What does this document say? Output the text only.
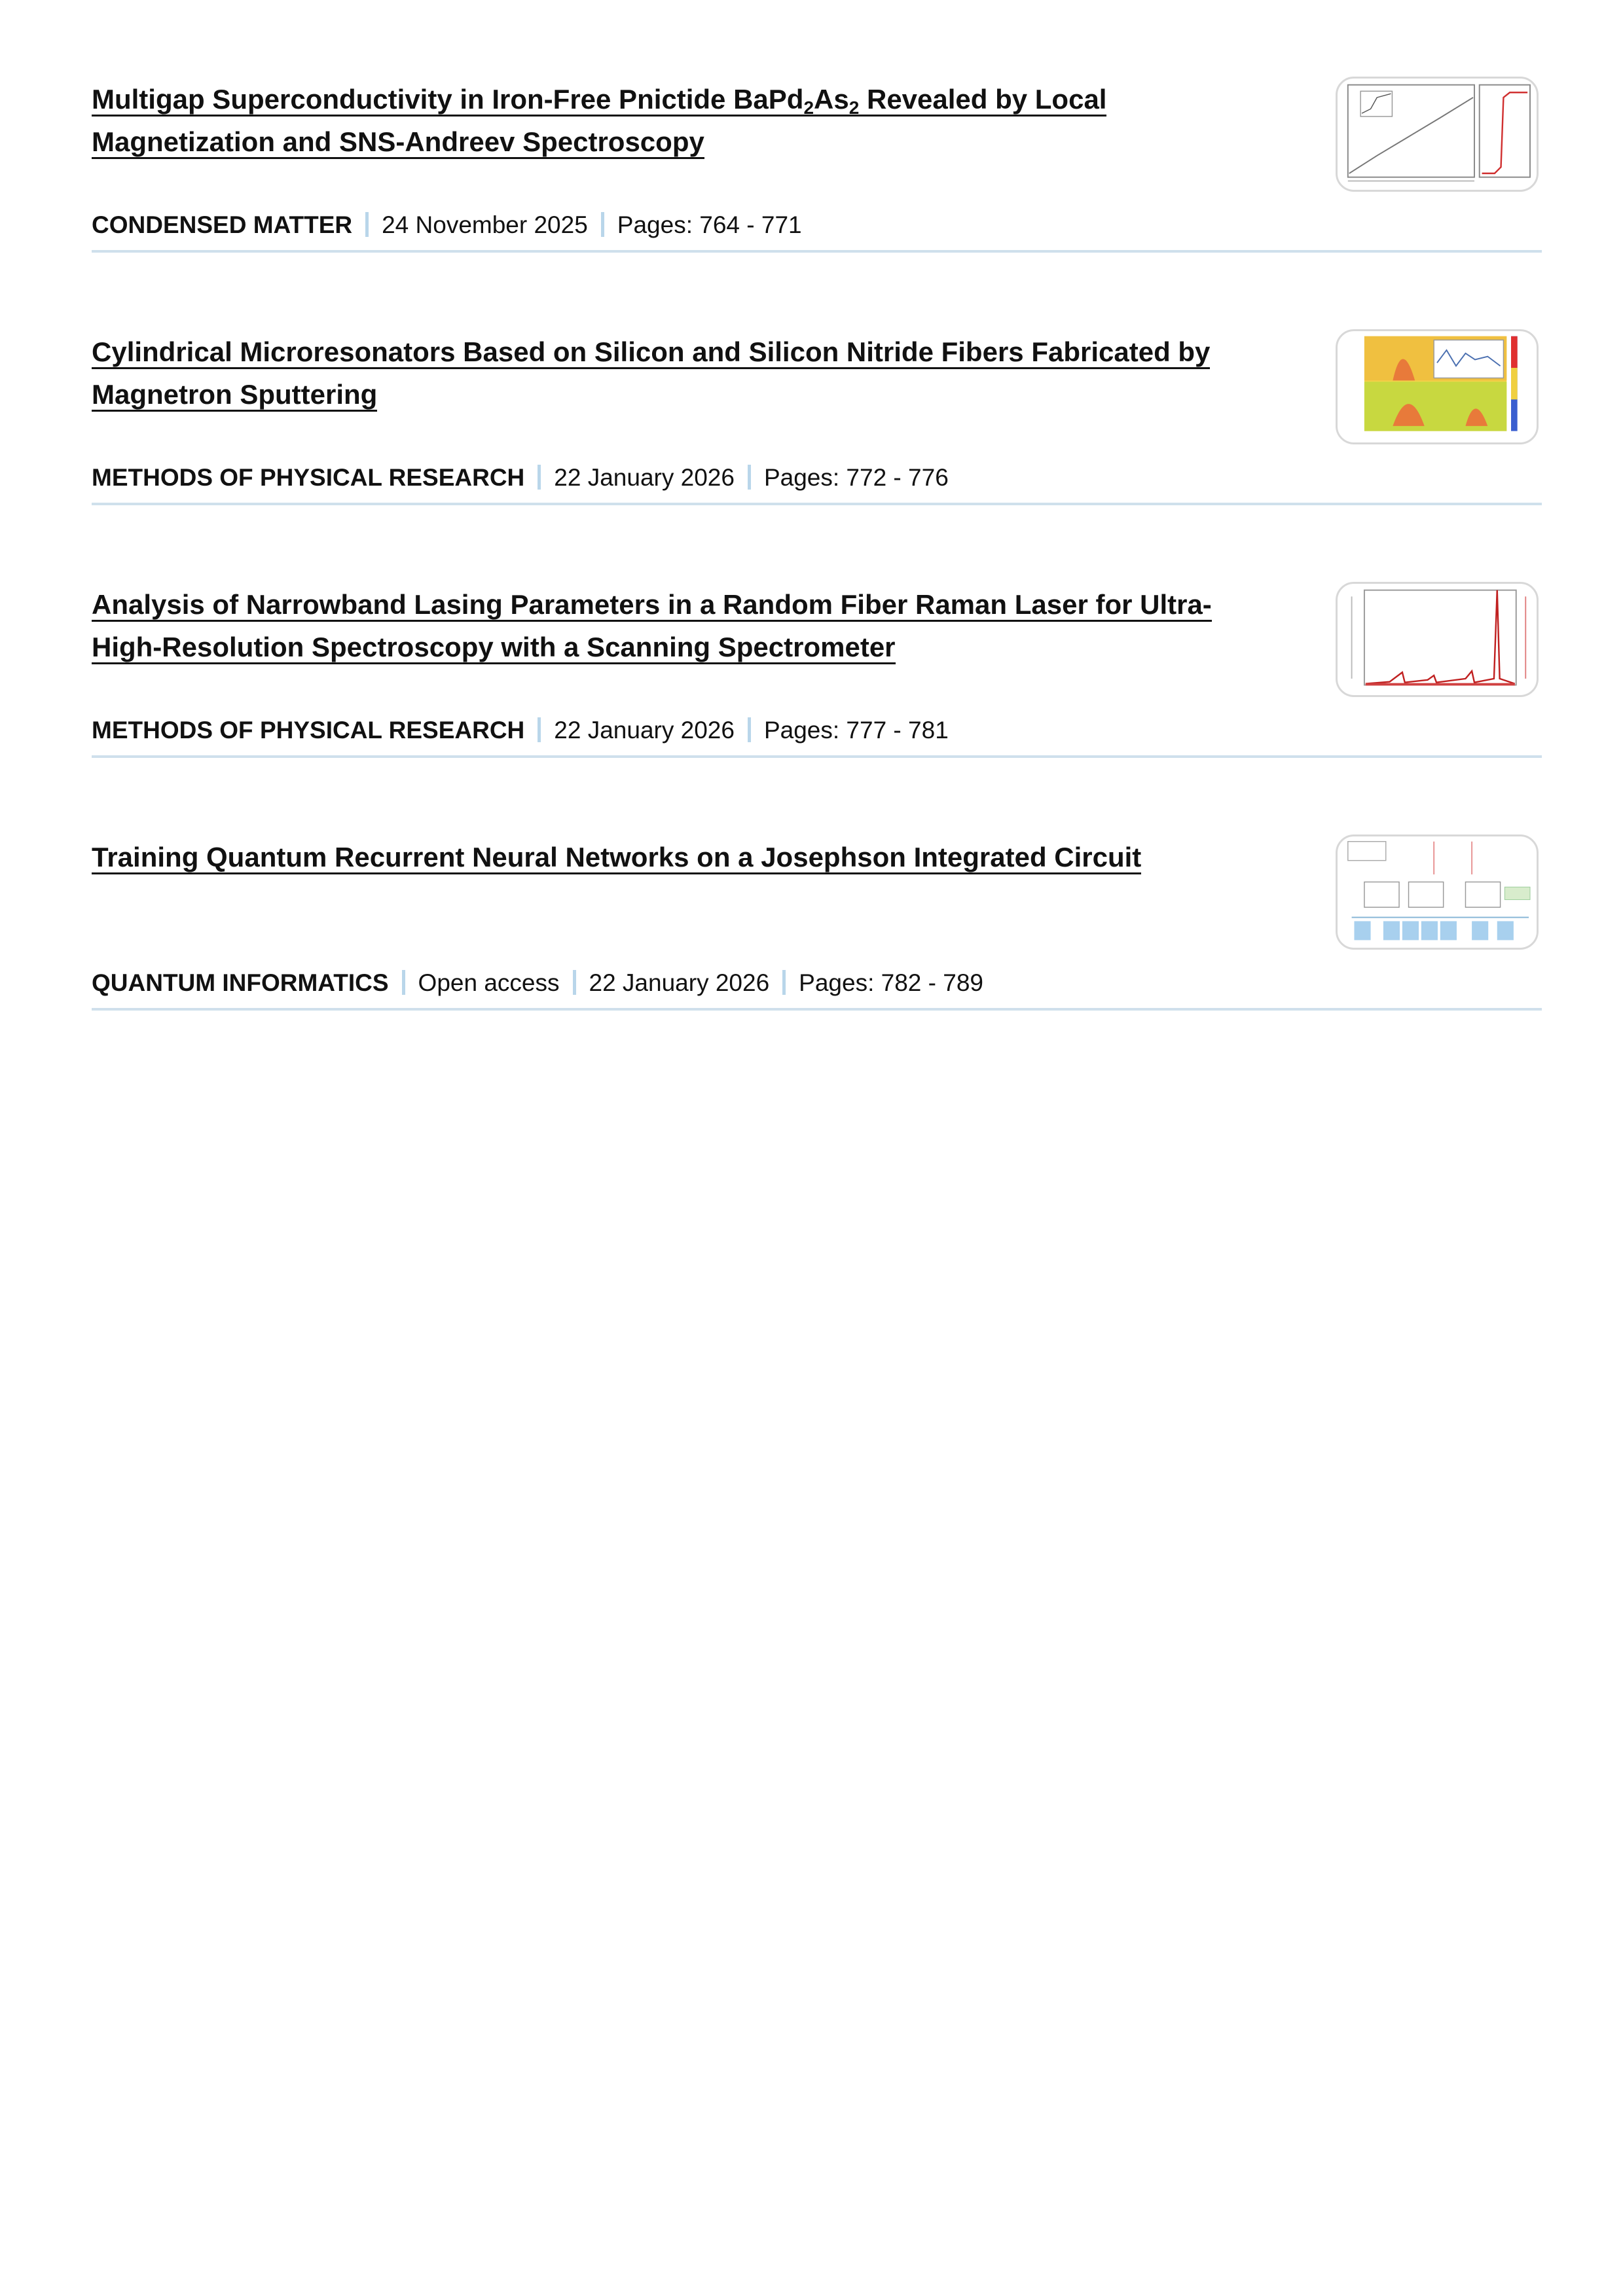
Multigap Superconductivity in Iron-Free Pnictide $BaPd_2As_2$ Revealed by Local Magnetization and SNS-Andreev Spectroscopy
CONDENSED MATTER 24 November 2025 Pages: 764 - 771
Cylindrical Microresonators Based on Silicon and Silicon Nitride Fibers Fabricated by Magnetron Sputtering
METHODS OF PHYSICAL RESEARCH 22 January 2026 Pages: 772 - 776
Analysis of Narrowband Lasing Parameters in a Random Fiber Raman Laser for Ultra-High-Resolution Spectroscopy with a Scanning Spectrometer
METHODS OF PHYSICAL RESEARCH 22 January 2026 Pages: 777 - 781
Training Quantum Recurrent Neural Networks on a Josephson Integrated Circuit
QUANTUM INFORMATICS Open access 22 January 2026 Pages: 782 - 789
